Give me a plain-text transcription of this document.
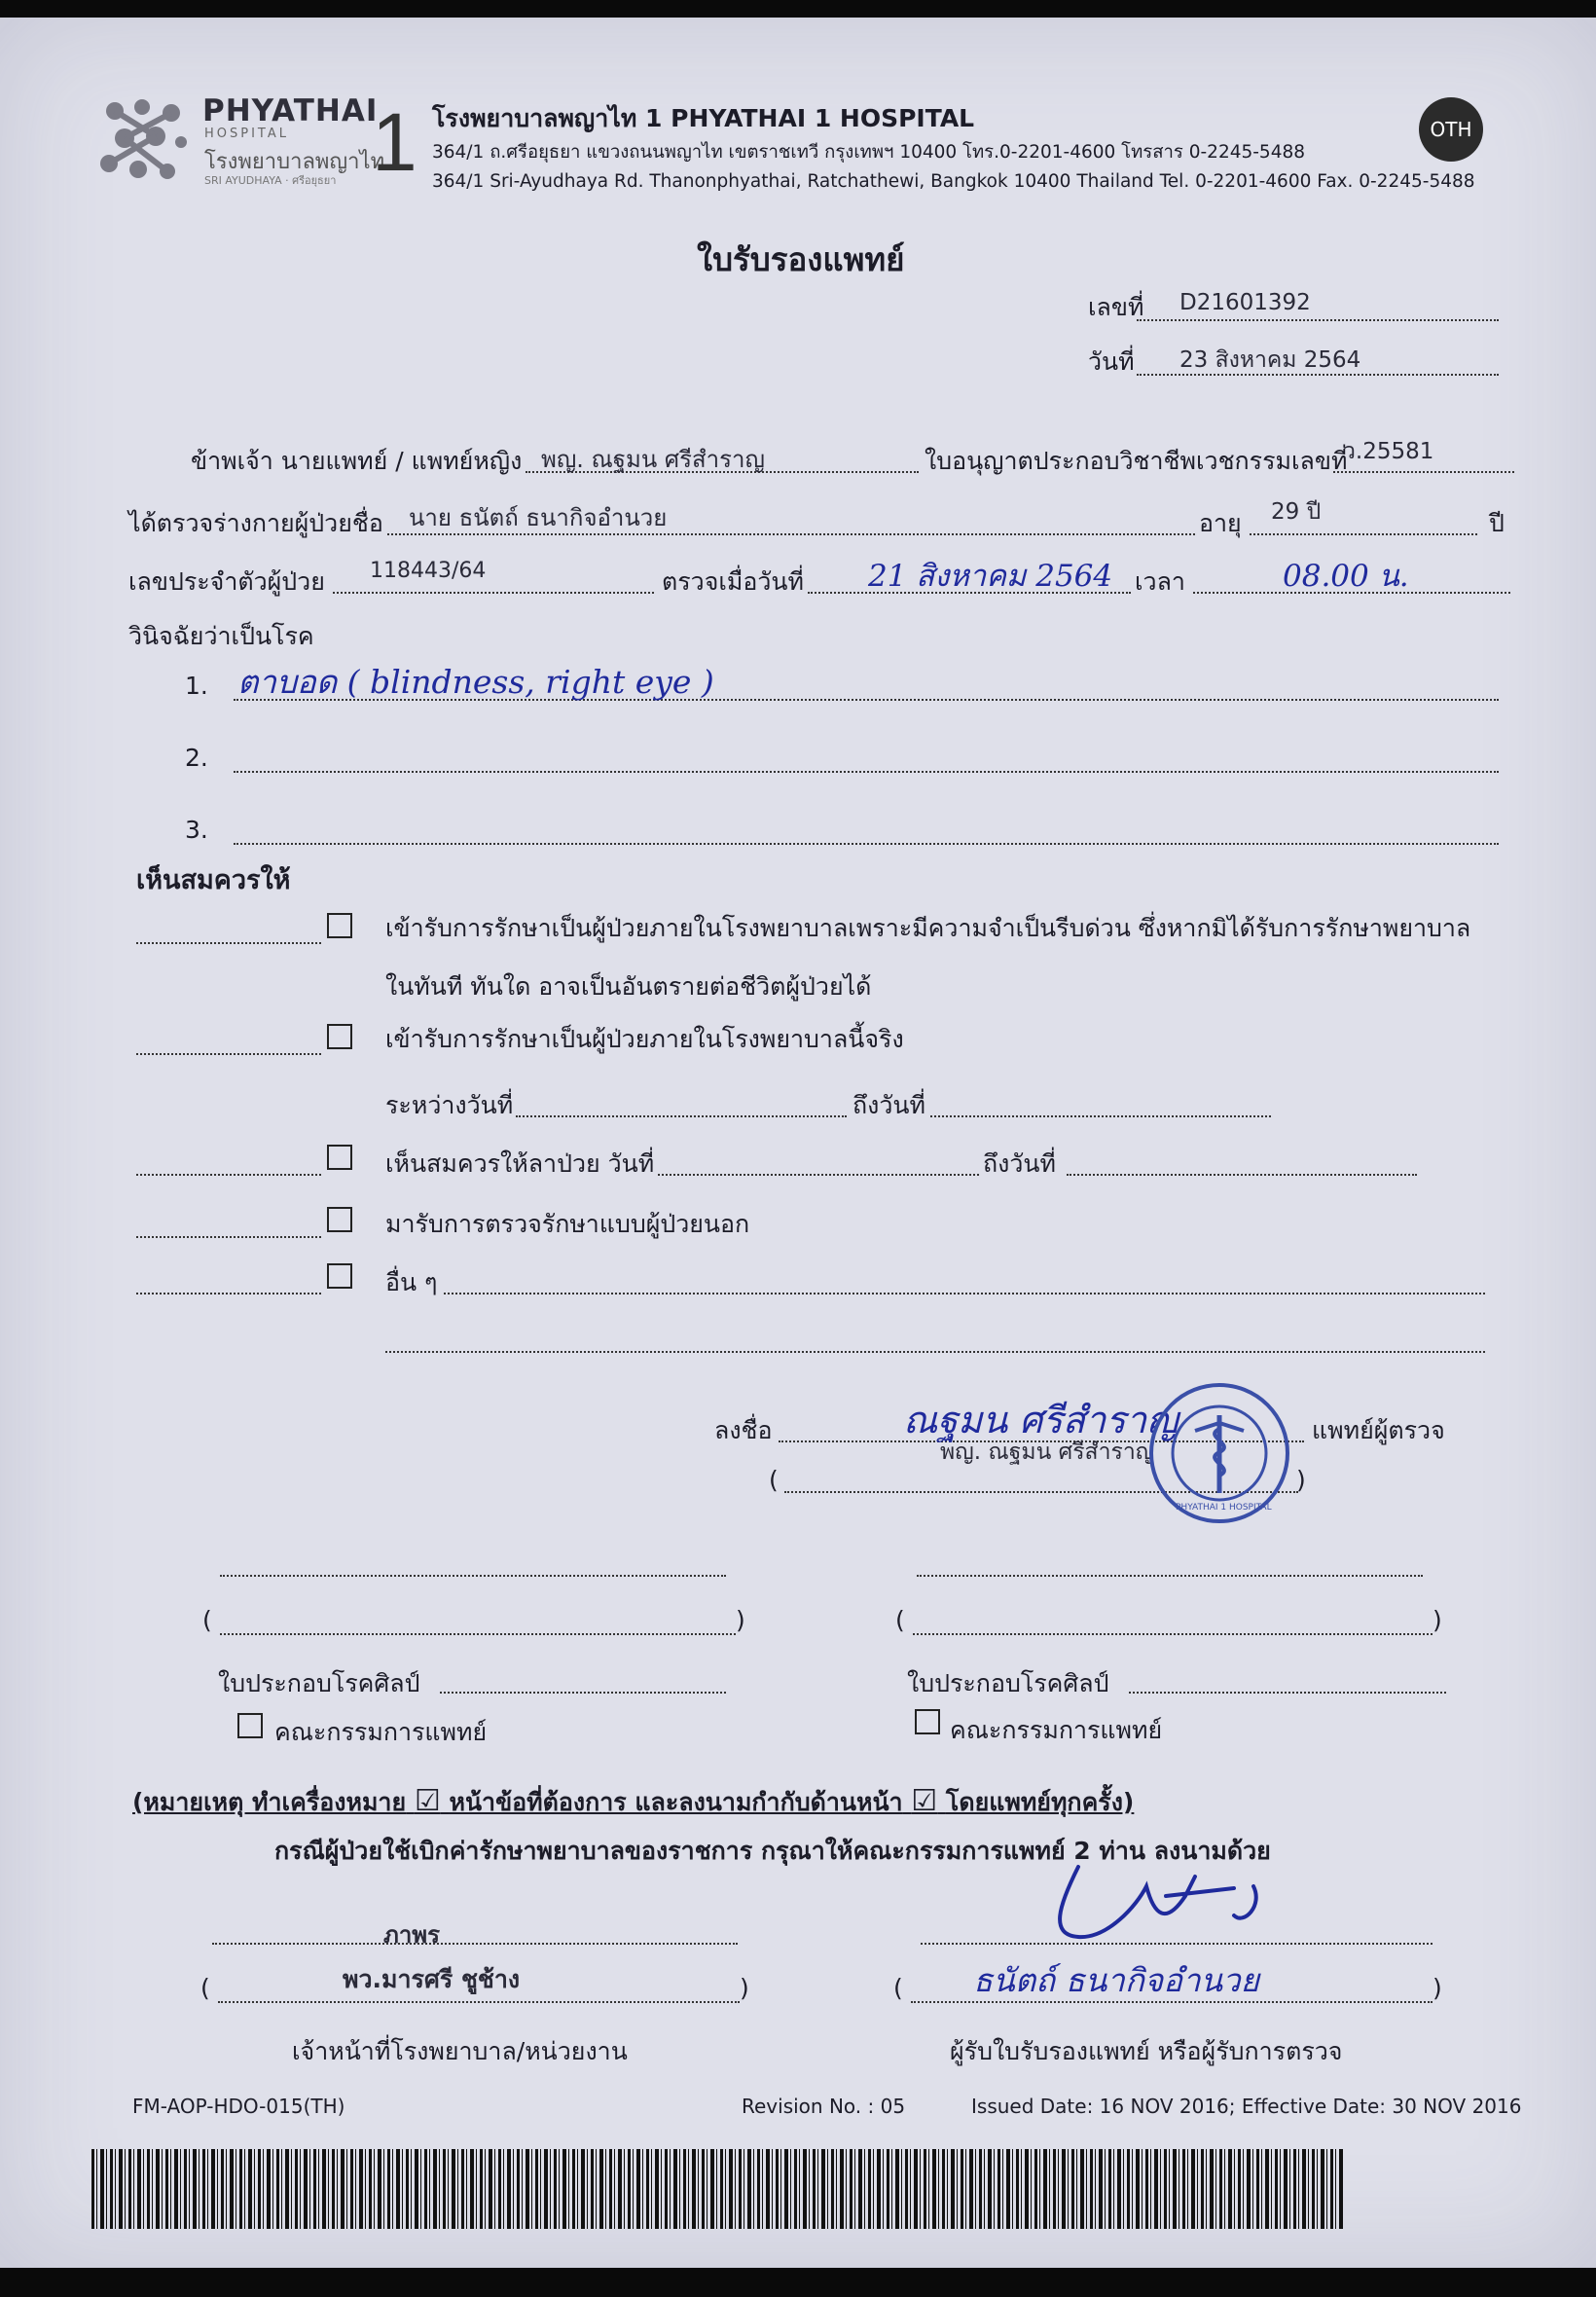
PHYATHAI
HOSPITAL
โรงพยาบาลพญาไท
SRI AYUDHAYA · ศรีอยุธยา 1 โรงพยาบาลพญาไท 1 PHYATHAI 1 HOSPITAL
364/1 ถ.ศรีอยุธยา แขวงถนนพญาไท เขตราชเทวี กรุงเทพฯ 10400 โทร.0-2201-4600 โทรสาร 0-2245-5488
364/1 Sri-Ayudhaya Rd. Thanonphyathai, Ratchathewi, Bangkok 10400 Thailand Tel. 0-2201-4600 Fax. 0-2245-5488
OTH
ใบรับรองแพทย์
เลขที่ D21601392
วันที่ 23 สิงหาคม 2564
ข้าพเจ้า นายแพทย์ / แพทย์หญิง พญ. ณฐมน ศรีสำราญ	ใบอนุญาตประกอบวิชาชีพเวชกรรมเลขที่
ว.25581
ได้ตรวจร่างกายผู้ป่วยชื่อ นาย ธนัตถ์ ธนากิจอำนวย	อายุ 29 ปี	ปี
เลขประจำตัวผู้ป่วย 118443/64	ตรวจเมื่อวันที่ 21 สิงหาคม 2564 เวลา	08.00 น.
วินิจฉัยว่าเป็นโรค
1. ตาบอด ( blindness, right eye )
2.
3.
เห็นสมควรให้
เข้ารับการรักษาเป็นผู้ป่วยภายในโรงพยาบาลเพราะมีความจำเป็นรีบด่วน ซึ่งหากมิได้รับการรักษาพยาบาล
ในทันที ทันใด อาจเป็นอันตรายต่อชีวิตผู้ป่วยได้
เข้ารับการรักษาเป็นผู้ป่วยภายในโรงพยาบาลนี้จริง
ระหว่างวันที่	ถึงวันที่
เห็นสมควรให้ลาป่วย วันที่	ถึงวันที่
มารับการตรวจรักษาแบบผู้ป่วยนอก
อื่น ๆ
ลงชื่อ	ณฐมน ศรีสำราญ
พญ. ณฐมน ศรีสำราญ
(	)
แพทย์ผู้ตรวจ
PHYATHAI 1 HOSPITAL
(	)	(	)
ใบประกอบโรคศิลป์	ใบประกอบโรคศิลป์
คณะกรรมการแพทย์	คณะกรรมการแพทย์
(หมายเหตุ ทำเครื่องหมาย ☑ หน้าข้อที่ต้องการ และลงนามกำกับด้านหน้า ☑ โดยแพทย์ทุกครั้ง)
กรณีผู้ป่วยใช้เบิกค่ารักษาพยาบาลของราชการ กรุณาให้คณะกรรมการแพทย์ 2 ท่าน ลงนามด้วย
ภาพร
(	พว.มารศรี ชูช้าง	)
เจ้าหน้าที่โรงพยาบาล/หน่วยงาน
( ธนัตถ์ ธนากิจอำนวย	)
ผู้รับใบรับรองแพทย์ หรือผู้รับการตรวจ
FM-AOP-HDO-015(TH)	Revision No. : 05	Issued Date: 16 NOV 2016; Effective Date: 30 NOV 2016
